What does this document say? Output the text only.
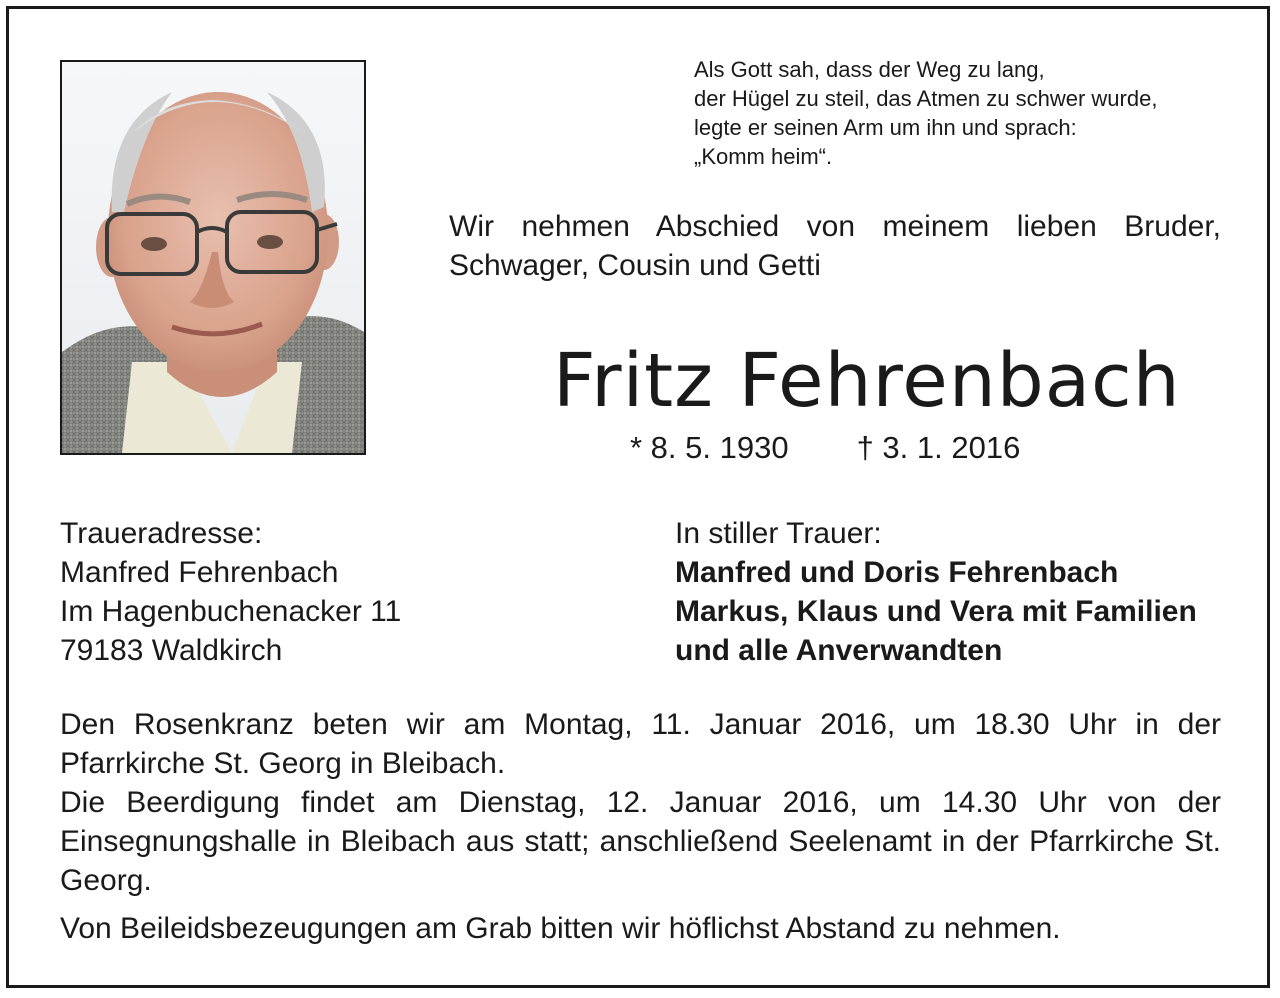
Als Gott sah, dass der Weg zu lang,
der Hügel zu steil, das Atmen zu schwer wurde,
legte er seinen Arm um ihn und sprach:
„Komm heim“.
Wir nehmen Abschied von meinem lieben Bruder,
Schwager, Cousin und Getti
Fritz Fehrenbach
* 8. 5. 1930 † 3. 1. 2016
Traueradresse:
Manfred Fehrenbach
Im Hagenbuchenacker 11
79183 Waldkirch
In stiller Trauer:
Manfred und Doris Fehrenbach
Markus, Klaus und Vera mit Familien
und alle Anverwandten

Den Rosenkranz beten wir am Montag, 11. Januar 2016, um 18.30 Uhr in der Pfarrkirche St. Georg in Bleibach.

Die Beerdigung findet am Dienstag, 12. Januar 2016, um 14.30 Uhr von der Einsegnungshalle in Bleibach aus statt; anschließend Seelenamt in der Pfarrkirche St. Georg.

Von Beileidsbezeugungen am Grab bitten wir höflichst Abstand zu nehmen.
